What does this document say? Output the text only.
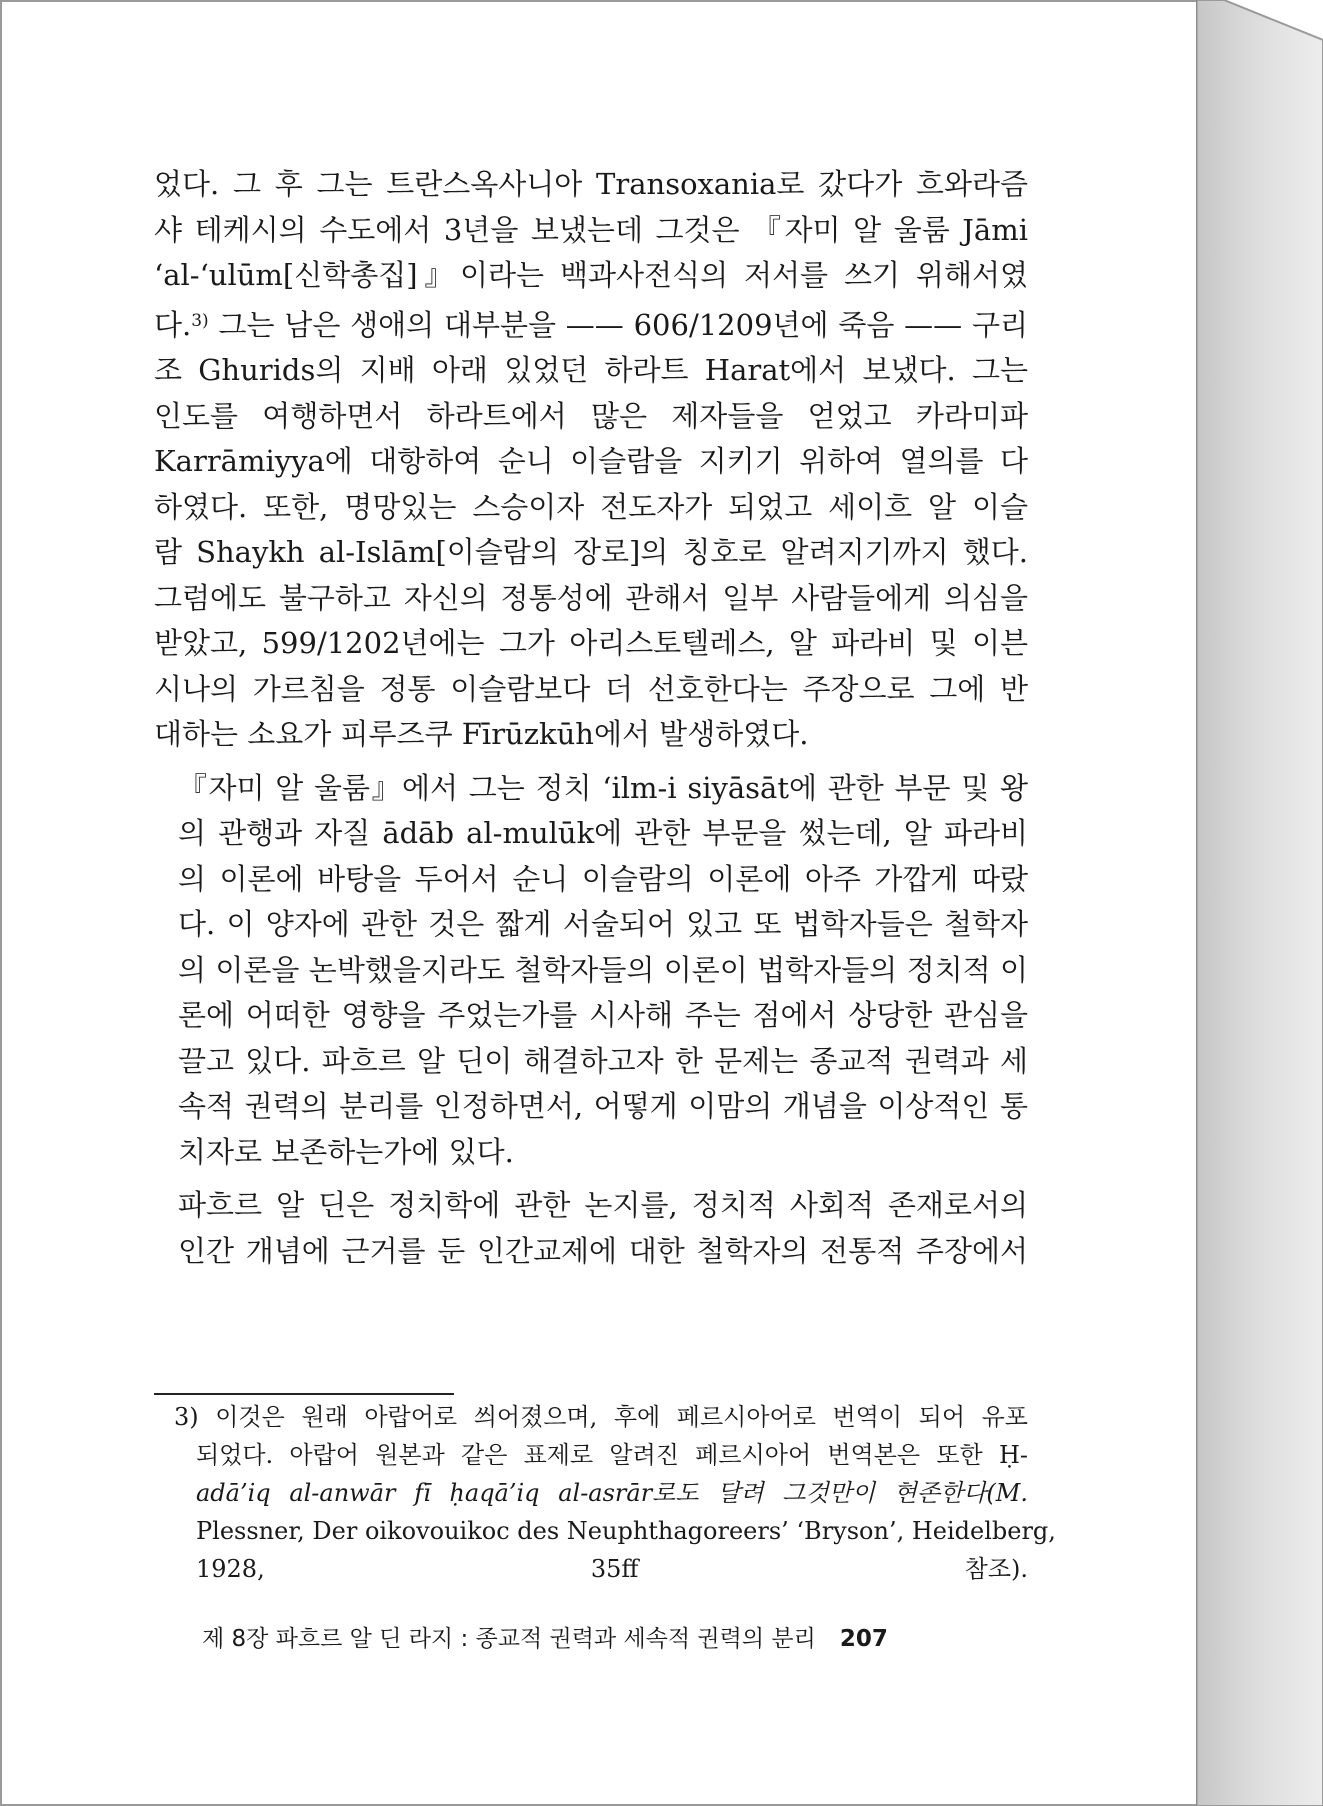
었다. 그 후 그는 트란스옥사니아 Transoxania로 갔다가 흐와라즘
샤 테케시의 수도에서 3년을 보냈는데 그것은 『자미 알 울룸 Jāmi
‘al-‘ulūm[신학총집]』이라는 백과사전식의 저서를 쓰기 위해서였
다.$^{3)}$ 그는 남은 생애의 대부분을 —— 606/1209년에 죽음 —— 구리
조 Ghurids의 지배 아래 있었던 하라트 Harat에서 보냈다. 그는
인도를 여행하면서 하라트에서 많은 제자들을 얻었고 카라미파
Karrāmiyya에 대항하여 순니 이슬람을 지키기 위하여 열의를 다
하였다. 또한, 명망있는 스승이자 전도자가 되었고 세이흐 알 이슬
람 Shaykh al-Islām[이슬람의 장로]의 칭호로 알려지기까지 했다.
그럼에도 불구하고 자신의 정통성에 관해서 일부 사람들에게 의심을
받았고, 599/1202년에는 그가 아리스토텔레스, 알 파라비 및 이븐
시나의 가르침을 정통 이슬람보다 더 선호한다는 주장으로 그에 반
대하는 소요가 피루즈쿠 Fīrūzkūh에서 발생하였다.

『자미 알 울룸』에서 그는 정치 ‘ilm-i siyāsāt에 관한 부문 및 왕
의 관행과 자질 ādāb al-mulūk에 관한 부문을 썼는데, 알 파라비
의 이론에 바탕을 두어서 순니 이슬람의 이론에 아주 가깝게 따랐
다. 이 양자에 관한 것은 짧게 서술되어 있고 또 법학자들은 철학자
의 이론을 논박했을지라도 철학자들의 이론이 법학자들의 정치적 이
론에 어떠한 영향을 주었는가를 시사해 주는 점에서 상당한 관심을
끌고 있다. 파흐르 알 딘이 해결하고자 한 문제는 종교적 권력과 세
속적 권력의 분리를 인정하면서, 어떻게 이맘의 개념을 이상적인 통
치자로 보존하는가에 있다.

파흐르 알 딘은 정치학에 관한 논지를, 정치적 사회적 존재로서의
인간 개념에 근거를 둔 인간교제에 대한 철학자의 전통적 주장에서

3) 이것은 원래 아랍어로 씌어졌으며, 후에 페르시아어로 번역이 되어 유포
되었다. 아랍어 원본과 같은 표제로 알려진 페르시아어 번역본은 또한 Ḥ-
adā’iq al-anwār fī ḥaqā’iq al-asrār로도 달려 그것만이 현존한다(M.
Plessner, Der oikovouikoc des Neuphthagoreers’ ‘Bryson’, Heidelberg,
1928, 35ff 참조).
제 8장 파흐르 알 딘 라지 : 종교적 권력과 세속적 권력의 분리 207
